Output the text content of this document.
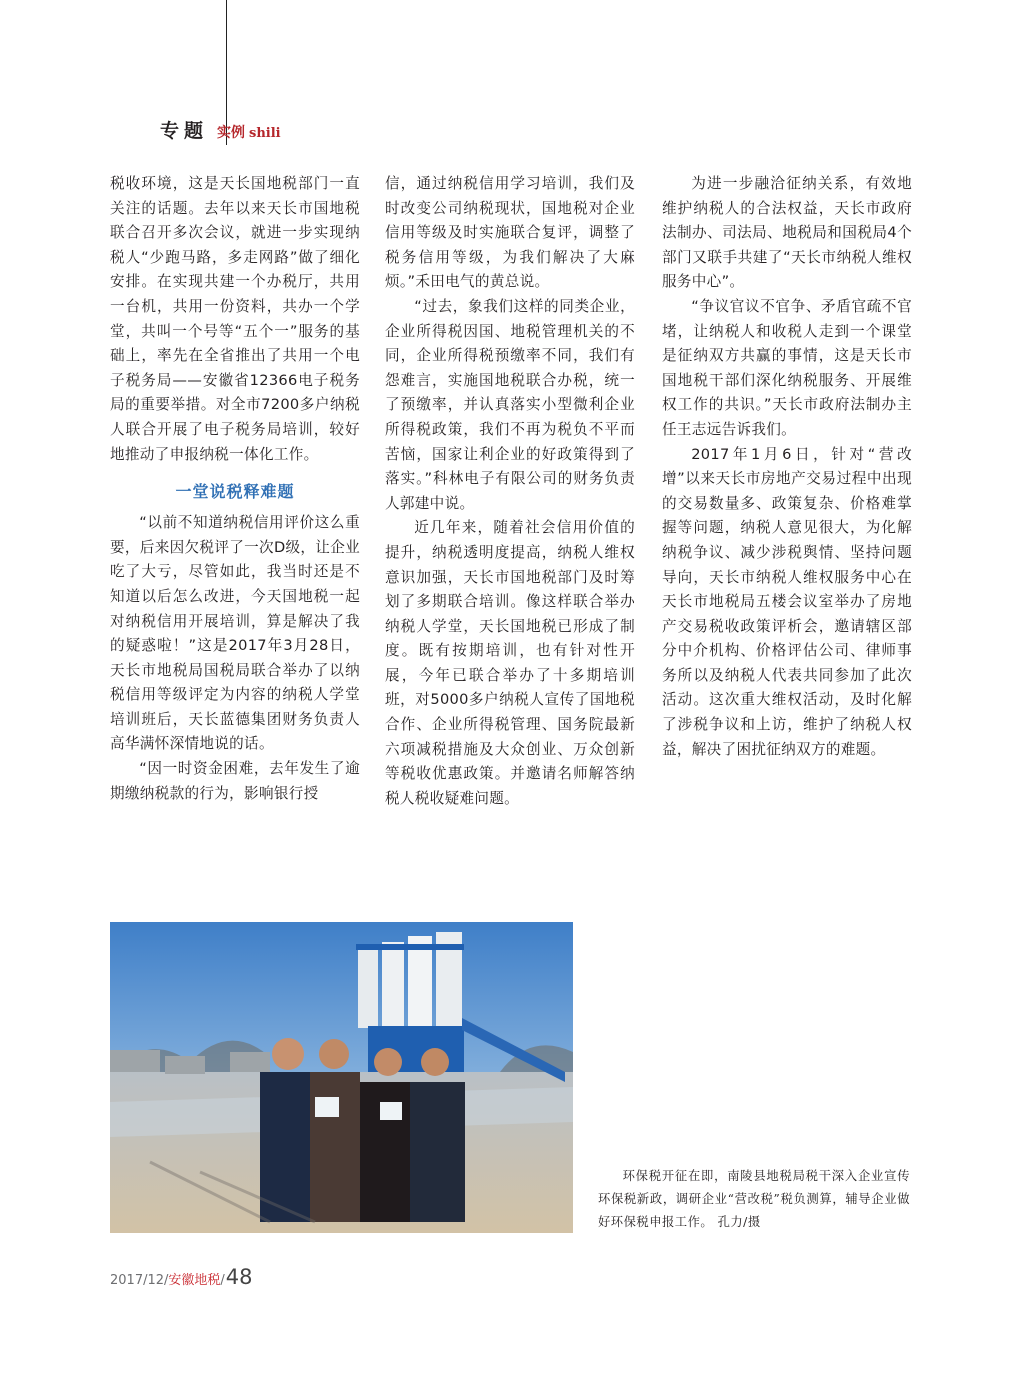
专题 实例 shili

税收环境，这是天长国地税部门一直关注的话题。去年以来天长市国地税联合召开多次会议，就进一步实现纳税人“少跑马路，多走网路”做了细化安排。在实现共建一个办税厅，共用一台机，共用一份资料，共办一个学堂，共叫一个号等“五个一”服务的基础上，率先在全省推出了共用一个电子税务局——安徽省12366电子税务局的重要举措。对全市7200多户纳税人联合开展了电子税务局培训，较好地推动了申报纳税一体化工作。

一堂说税释难题

“以前不知道纳税信用评价这么重要，后来因欠税评了一次D级，让企业吃了大亏，尽管如此，我当时还是不知道以后怎么改进，今天国地税一起对纳税信用开展培训，算是解决了我的疑惑啦！”这是2017年3月28日，天长市地税局国税局联合举办了以纳税信用等级评定为内容的纳税人学堂培训班后，天长蓝德集团财务负责人高华满怀深情地说的话。

“因一时资金困难，去年发生了逾期缴纳税款的行为，影响银行授

信，通过纳税信用学习培训，我们及时改变公司纳税现状，国地税对企业信用等级及时实施联合复评，调整了税务信用等级，为我们解决了大麻烦。”禾田电气的黄总说。

“过去，象我们这样的同类企业，企业所得税因国、地税管理机关的不同，企业所得税预缴率不同，我们有怨难言，实施国地税联合办税，统一了预缴率，并认真落实小型微利企业所得税政策，我们不再为税负不平而苦恼，国家让利企业的好政策得到了落实。”科林电子有限公司的财务负责人郭建中说。

近几年来，随着社会信用价值的提升，纳税透明度提高，纳税人维权意识加强，天长市国地税部门及时筹划了多期联合培训。像这样联合举办纳税人学堂，天长国地税已形成了制度。既有按期培训，也有针对性开展，今年已联合举办了十多期培训班，对5000多户纳税人宣传了国地税合作、企业所得税管理、国务院最新六项减税措施及大众创业、万众创新等税收优惠政策。并邀请名师解答纳税人税收疑难问题。

为进一步融洽征纳关系，有效地维护纳税人的合法权益，天长市政府法制办、司法局、地税局和国税局4个部门又联手共建了“天长市纳税人维权服务中心”。

“争议官议不官争、矛盾官疏不官堵，让纳税人和收税人走到一个课堂是征纳双方共赢的事情，这是天长市国地税干部们深化纳税服务、开展维权工作的共识。”天长市政府法制办主任王志远告诉我们。

2017年1月6日，针对“营改增”以来天长市房地产交易过程中出现的交易数量多、政策复杂、价格难掌握等问题，纳税人意见很大，为化解纳税争议、减少涉税舆情、坚持问题导向，天长市纳税人维权服务中心在天长市地税局五楼会议室举办了房地产交易税收政策评析会，邀请辖区部分中介机构、价格评估公司、律师事务所以及纳税人代表共同参加了此次活动。这次重大维权活动，及时化解了涉税争议和上访，维护了纳税人权益，解决了困扰征纳双方的难题。

环保税开征在即，南陵县地税局税干深入企业宣传环保税新政，调研企业“营改税”税负测算，辅导企业做好环保税申报工作。 孔力/摄
2017/12/安徽地税/48
